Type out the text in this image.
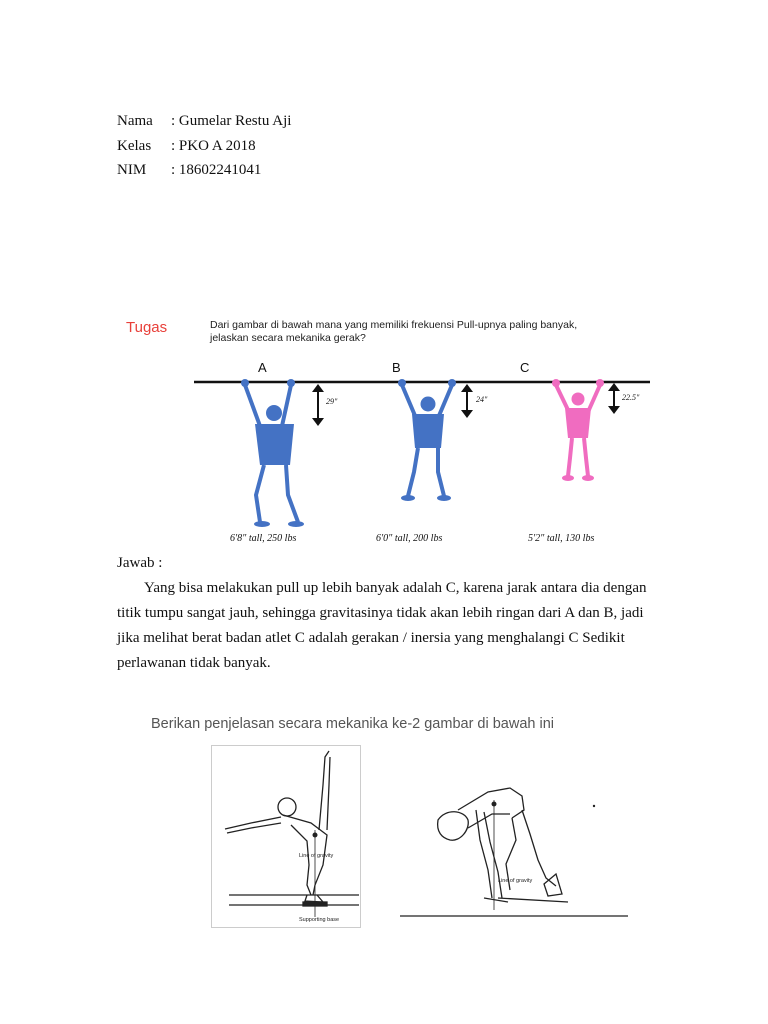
Nama : Gumelar Restu Aji
Kelas : PKO A 2018
NIM : 18602241041
Tugas	Dari gambar di bawah mana yang memiliki frekuensi Pull-upnya paling banyak,
jelaskan secara mekanika gerak?
A
29"
6'8" tall, 250 lbs
B
24"
6'0" tall, 200 lbs
C
22.5"
5'2" tall, 130 lbs
Jawab :

Yang bisa melakukan pull up lebih banyak adalah C, karena jarak antara dia dengan titik tumpu sangat jauh, sehingga gravitasinya tidak akan lebih ringan dari A dan B, jadi jika melihat berat badan atlet C adalah gerakan / inersia yang menghalangi C Sedikit perlawanan tidak banyak.

Berikan penjelasan secara mekanika ke-2 gambar di bawah ini
Line of gravity
Supporting base
Line of gravity
